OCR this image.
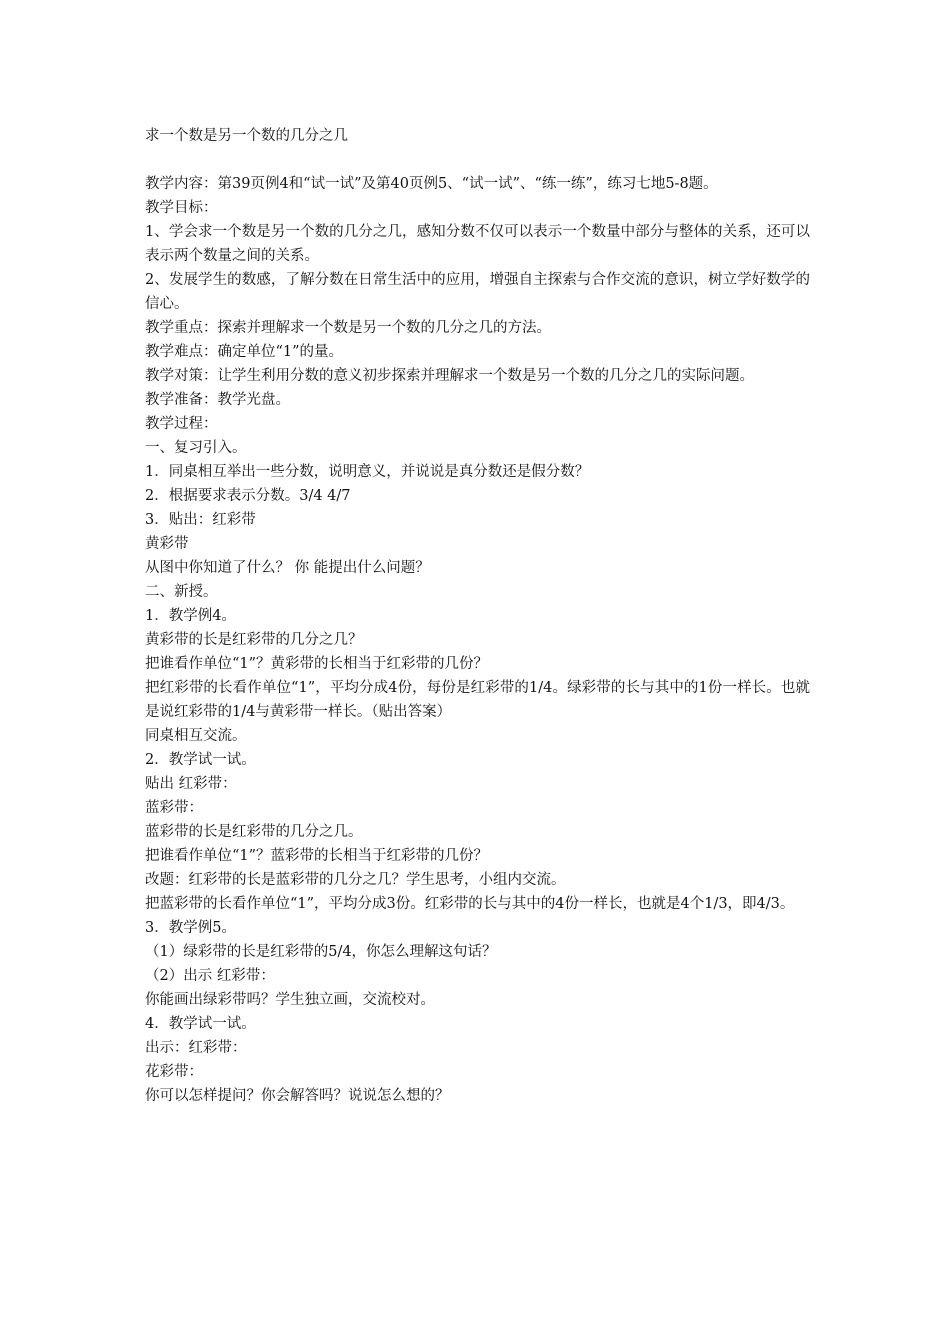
求一个数是另一个数的几分之几

教学内容：第39页例4和“试一试”及第40页例5、“试一试”、“练一练”，练习七地5-8题。

教学目标：

1、学会求一个数是另一个数的几分之几，感知分数不仅可以表示一个数量中部分与整体的关系，还可以表示两个数量之间的关系。

2、发展学生的数感，了解分数在日常生活中的应用，增强自主探索与合作交流的意识，树立学好数学的信心。

教学重点：探索并理解求一个数是另一个数的几分之几的方法。

教学难点：确定单位“1”的量。

教学对策：让学生利用分数的意义初步探索并理解求一个数是另一个数的几分之几的实际问题。

教学准备：教学光盘。

教学过程：

一、复习引入。

1．同桌相互举出一些分数，说明意义，并说说是真分数还是假分数？

2．根据要求表示分数。3/4 4/7

3．贴出：红彩带

黄彩带

从图中你知道了什么？ 你 能提出什么问题？

二、新授。

1．教学例4。

黄彩带的长是红彩带的几分之几？

把谁看作单位“1”？黄彩带的长相当于红彩带的几份？

把红彩带的长看作单位“1”，平均分成4份，每份是红彩带的1/4。绿彩带的长与其中的1份一样长。也就是说红彩带的1/4与黄彩带一样长。（贴出答案）

同桌相互交流。

2．教学试一试。

贴出 红彩带：

蓝彩带：

蓝彩带的长是红彩带的几分之几。

把谁看作单位“1”？蓝彩带的长相当于红彩带的几份？

改题：红彩带的长是蓝彩带的几分之几？学生思考，小组内交流。

把蓝彩带的长看作单位“1”，平均分成3份。红彩带的长与其中的4份一样长，也就是4个1/3，即4/3。

3．教学例5。

（1）绿彩带的长是红彩带的5/4，你怎么理解这句话？

（2）出示 红彩带：

你能画出绿彩带吗？学生独立画，交流校对。

4．教学试一试。

出示：红彩带：

花彩带：

你可以怎样提问？你会解答吗？说说怎么想的？
